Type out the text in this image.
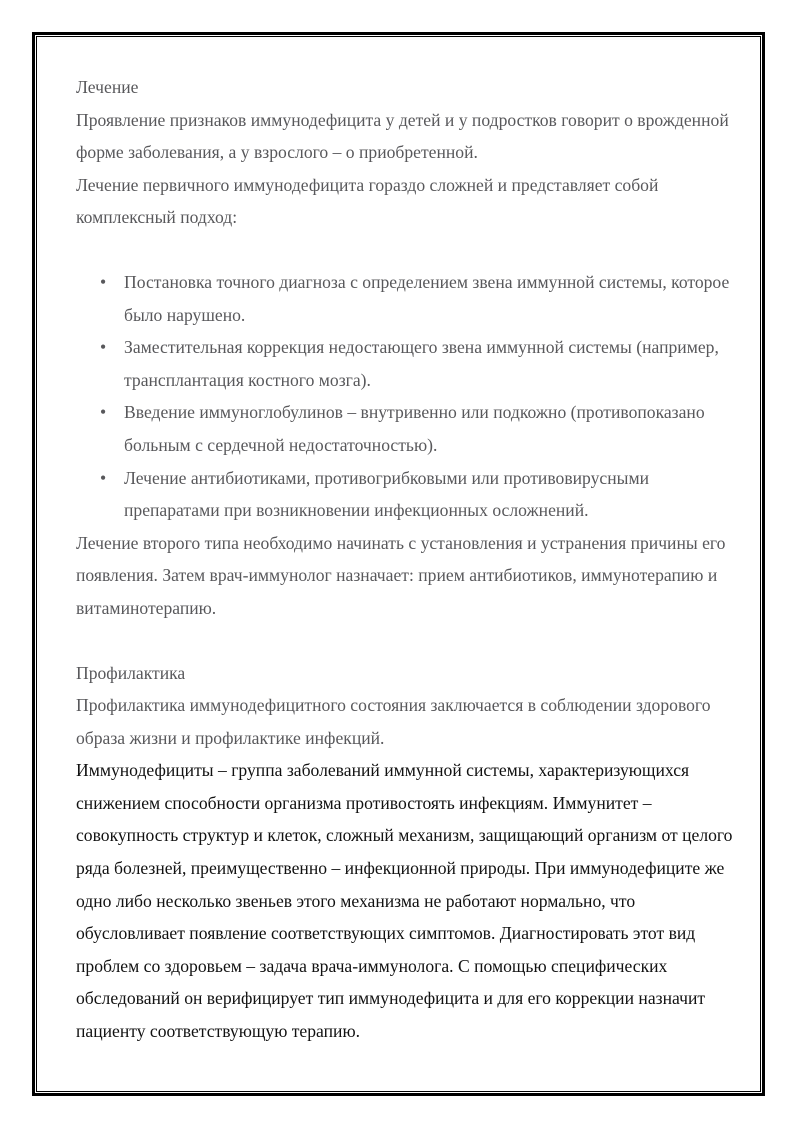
Лечение

Проявление признаков иммунодефицита у детей и у подростков говорит о врожденной форме заболевания, а у взрослого – о приобретенной.

Лечение первичного иммунодефицита гораздо сложней и представляет собой комплексный подход:

• Постановка точного диагноза с определением звена иммунной системы, которое было нарушено.
• Заместительная коррекция недостающего звена иммунной системы (например, трансплантация костного мозга).
• Введение иммуноглобулинов – внутривенно или подкожно (противопоказано больным с сердечной недостаточностью).
• Лечение антибиотиками, противогрибковыми или противовирусными препаратами при возникновении инфекционных осложнений.

Лечение второго типа необходимо начинать с установления и устранения причины его появления. Затем врач-иммунолог назначает: прием антибиотиков, иммунотерапию и витаминотерапию.

Профилактика

Профилактика иммунодефицитного состояния заключается в соблюдении здорового образа жизни и профилактике инфекций.

Иммунодефициты – группа заболеваний иммунной системы, характеризующихся снижением способности организма противостоять инфекциям. Иммунитет – совокупность структур и клеток, сложный механизм, защищающий организм от целого ряда болезней, преимущественно – инфекционной природы. При иммунодефиците же одно либо несколько звеньев этого механизма не работают нормально, что обусловливает появление соответствующих симптомов. Диагностировать этот вид проблем со здоровьем – задача врача-иммунолога. С помощью специфических обследований он верифицирует тип иммунодефицита и для его коррекции назначит пациенту соответствующую терапию.
